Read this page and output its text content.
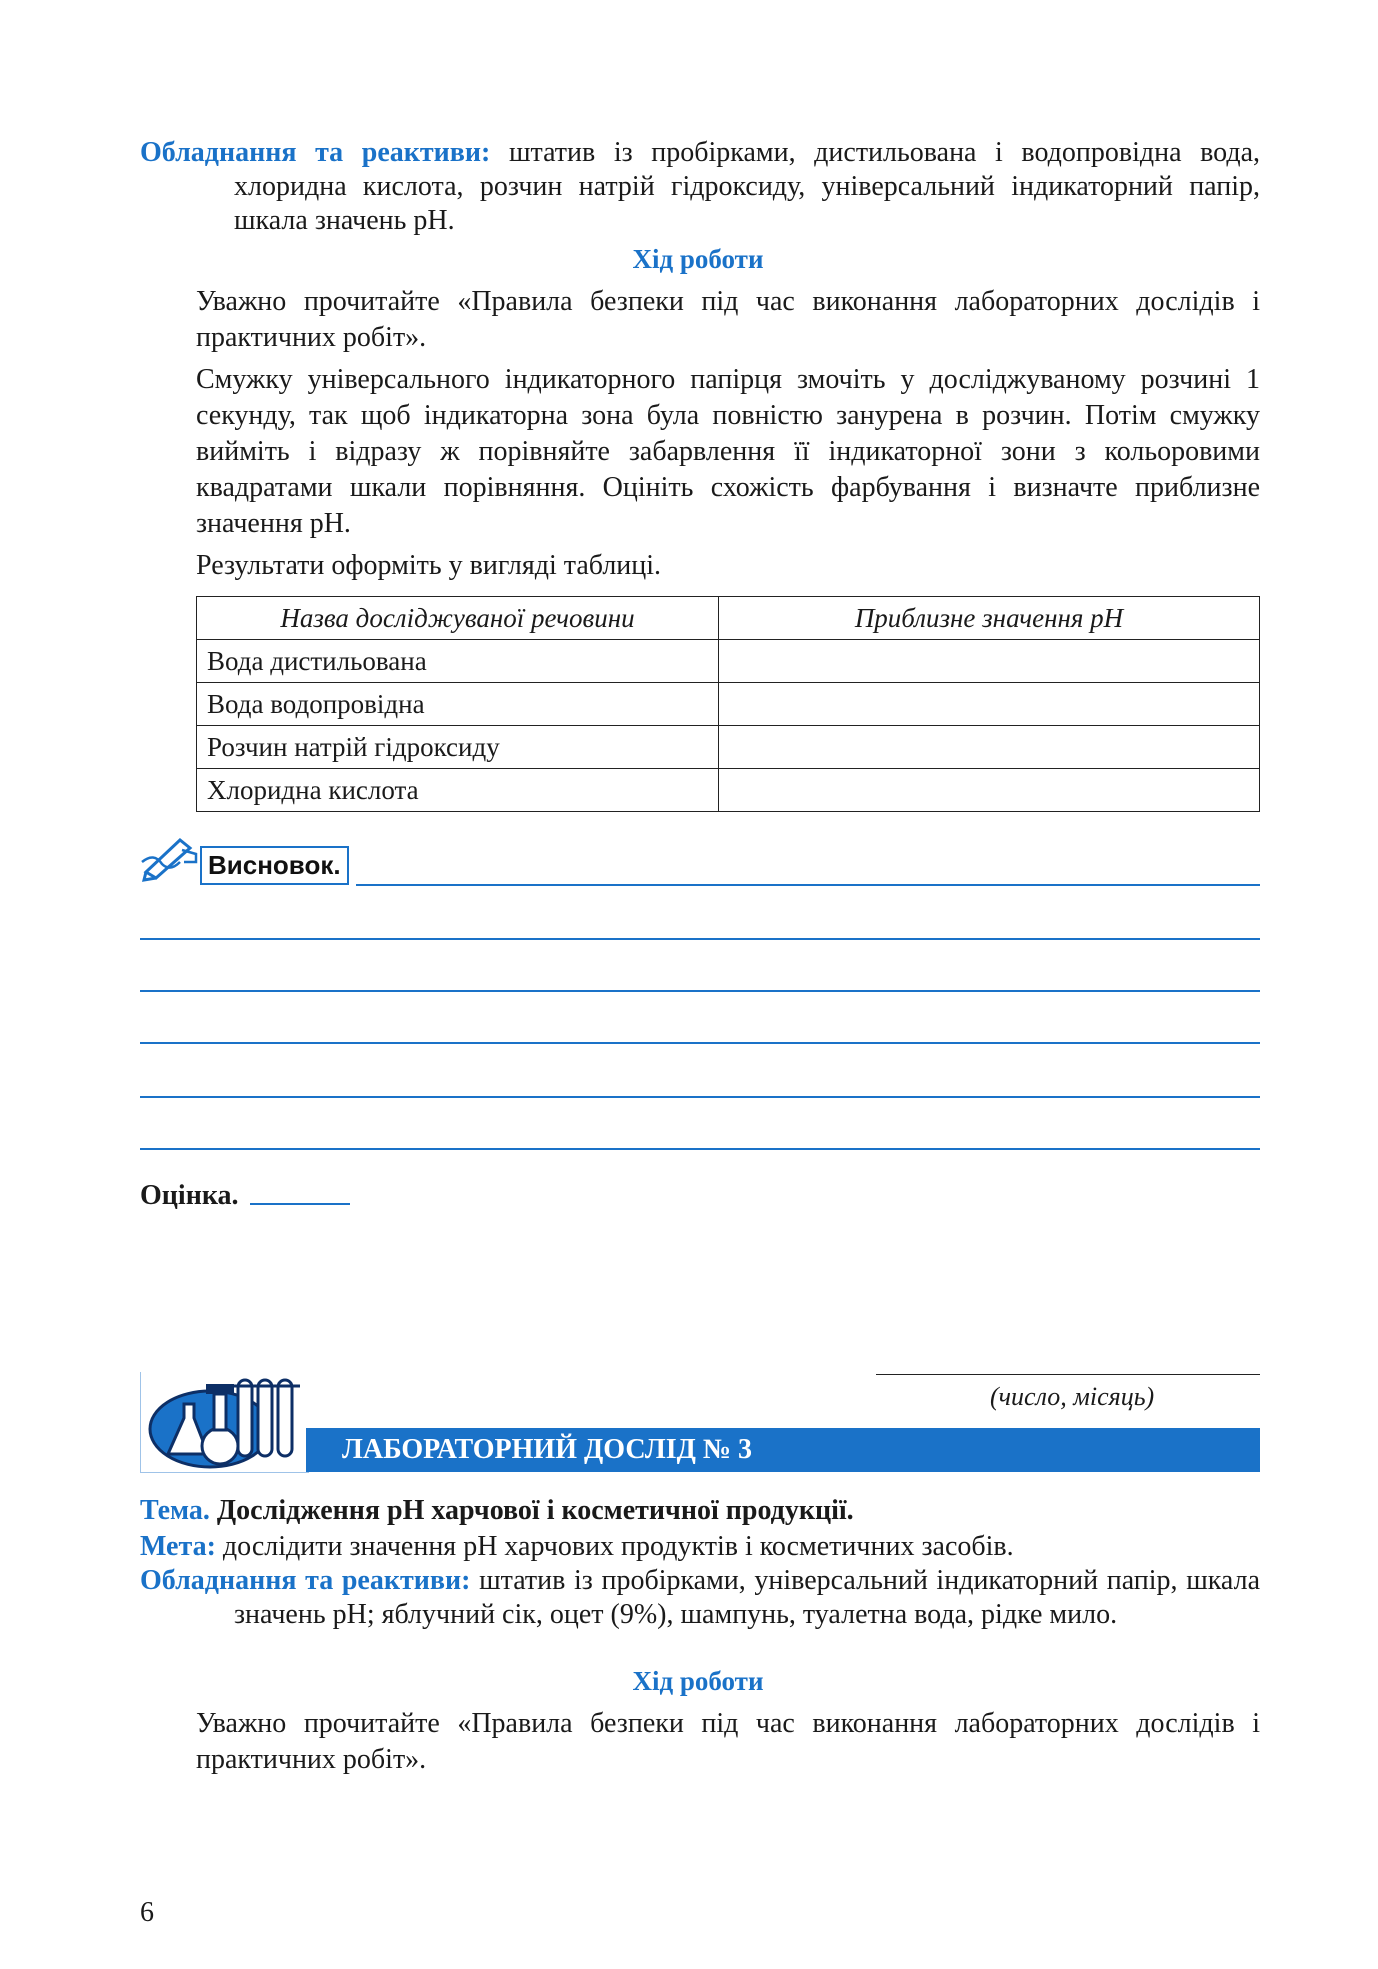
Обладнання та реактиви: штатив із пробірками, дистильована і водопровідна вода, хлоридна кислота, розчин натрій гідроксиду, універсальний індикаторний папір, шкала значень pH.
Хід роботи
Уважно прочитайте «Правила безпеки під час виконання лабораторних дослідів і практичних робіт».
Смужку універсального індикаторного папірця змочіть у досліджуваному розчині 1 секунду, так щоб індикаторна зона була повністю занурена в розчин. Потім смужку вийміть і відразу ж порівняйте забарвлення її індикаторної зони з кольоровими квадратами шкали порівняння. Оцініть схожість фарбування і визначте приблизне значення pH.
Результати оформіть у вигляді таблиці.
Назва досліджуваної речовини	Приблизне значення pH
Вода дистильована	
Вода водопровідна	
Розчин натрій гідроксиду	
Хлоридна кислота	
Висновок.
Оцінка.
(число, місяць)
ЛАБОРАТОРНИЙ ДОСЛІД № 3
Тема. Дослідження pH харчової і косметичної продукції.
Мета: дослідити значення pH харчових продуктів і косметичних засобів.
Обладнання та реактиви: штатив із пробірками, універсальний індикаторний папір, шкала значень pH; яблучний сік, оцет (9%), шампунь, туалетна вода, рідке мило.
Хід роботи
Уважно прочитайте «Правила безпеки під час виконання лабораторних дослідів і практичних робіт».
6
